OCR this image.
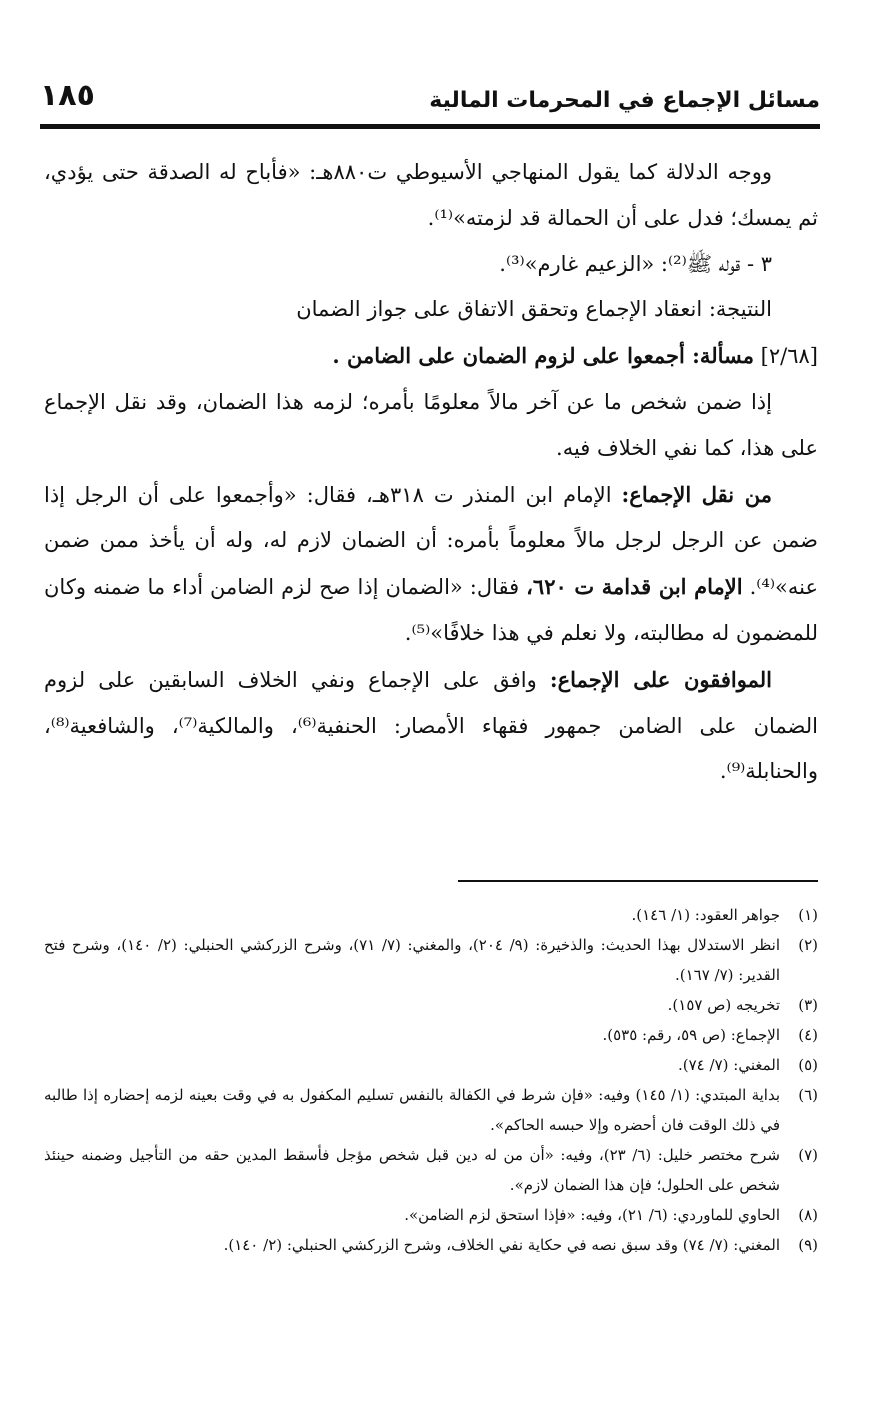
مسائل الإجماع في المحرمات المالية
١٨٥

ووجه الدلالة كما يقول المنهاجي الأسيوطي ت٨٨٠هـ: «فأباح له الصدقة حتى يؤدي، ثم يمسك؛ فدل على أن الحمالة قد لزمته»⁽¹⁾.

٣ - قوله ﷺ⁽²⁾: «الزعيم غارم»⁽³⁾.

النتيجة: انعقاد الإجماع وتحقق الاتفاق على جواز الضمان

[٢/٦٨] مسألة: أجمعوا على لزوم الضمان على الضامن .

إذا ضمن شخص ما عن آخر مالاً معلومًا بأمره؛ لزمه هذا الضمان، وقد نقل الإجماع على هذا، كما نفي الخلاف فيه.

من نقل الإجماع: الإمام ابن المنذر ت ٣١٨هـ، فقال: «وأجمعوا على أن الرجل إذا ضمن عن الرجل لرجل مالاً معلوماً بأمره: أن الضمان لازم له، وله أن يأخذ ممن ضمن عنه»⁽⁴⁾. الإمام ابن قدامة ت ٦٢٠، فقال: «الضمان إذا صح لزم الضامن أداء ما ضمنه وكان للمضمون له مطالبته، ولا نعلم في هذا خلافًا»⁽⁵⁾.

الموافقون على الإجماع: وافق على الإجماع ونفي الخلاف السابقين على لزوم الضمان على الضامن جمهور فقهاء الأمصار: الحنفية⁽⁶⁾، والمالكية⁽⁷⁾، والشافعية⁽⁸⁾، والحنابلة⁽⁹⁾.

(١)
جواهر العقود: (١/ ١٤٦).
(٢)
انظر الاستدلال بهذا الحديث: والذخيرة: (٩/ ٢٠٤)، والمغني: (٧/ ٧١)، وشرح الزركشي الحنبلي: (٢/ ١٤٠)، وشرح فتح القدير: (٧/ ١٦٧).
(٣)
تخريجه (ص ١٥٧).
(٤)
الإجماع: (ص ٥٩، رقم: ٥٣٥).
(٥)
المغني: (٧/ ٧٤).
(٦)
بداية المبتدي: (١/ ١٤٥) وفيه: «فإن شرط في الكفالة بالنفس تسليم المكفول به في وقت بعينه لزمه إحضاره إذا طالبه في ذلك الوقت فان أحضره وإلا حبسه الحاكم».
(٧)
شرح مختصر خليل: (٦/ ٢٣)، وفيه: «أن من له دين قبل شخص مؤجل فأسقط المدين حقه من التأجيل وضمنه حينئذ شخص على الحلول؛ فإن هذا الضمان لازم».
(٨)
الحاوي للماوردي: (٦/ ٢١)، وفيه: «فإذا استحق لزم الضامن».
(٩)
المغني: (٧/ ٧٤) وقد سبق نصه في حكاية نفي الخلاف، وشرح الزركشي الحنبلي: (٢/ ١٤٠).
